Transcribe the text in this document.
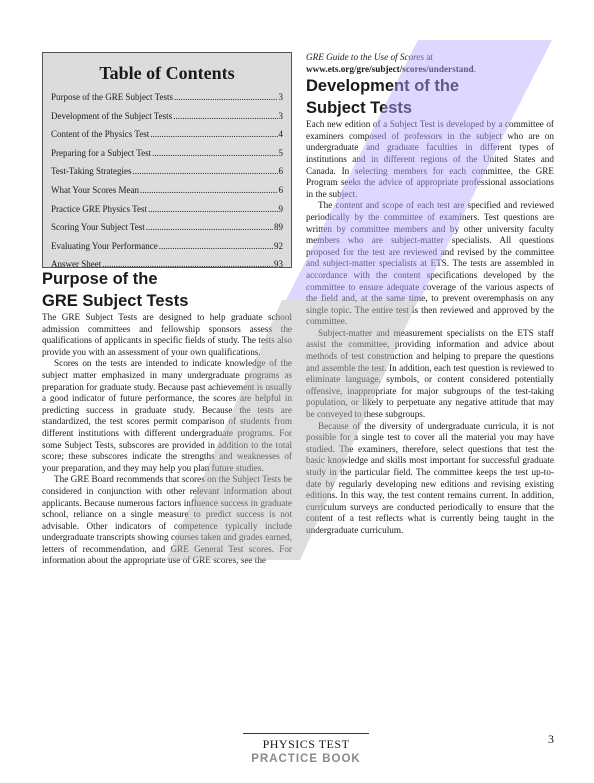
Table of Contents
Purpose of the GRE Subject Tests .....	3
Development of the Subject Tests .....	3
Content of the Physics Test .....	4
Preparing for a Subject Test .....	5
Test-Taking Strategies .....	6
What Your Scores Mean .....	6
Practice GRE Physics Test .....	9
Scoring Your Subject Test .....	89
Evaluating Your Performance .....	92
Answer Sheet .....	93
Purpose of the
GRE Subject Tests

The GRE Subject Tests are designed to help graduate school admission committees and fellowship sponsors assess the qualifications of applicants in specific fields of study. The tests also provide you with an assessment of your own qualifications.

Scores on the tests are intended to indicate knowledge of the subject matter emphasized in many undergraduate programs as preparation for graduate study. Because past achievement is usually a good indicator of future performance, the scores are helpful in predicting success in graduate study. Because the tests are standardized, the test scores permit comparison of students from different institutions with different undergraduate programs. For some Subject Tests, subscores are provided in addition to the total score; these subscores indicate the strengths and weaknesses of your preparation, and they may help you plan future studies.

The GRE Board recommends that scores on the Subject Tests be considered in conjunction with other relevant information about applicants. Because numerous factors influence success in graduate school, reliance on a single measure to predict success is not advisable. Other indicators of competence typically include undergraduate transcripts showing courses taken and grades earned, letters of recommendation, and GRE General Test scores. For information about the appropriate use of GRE scores, see the

GRE Guide to the Use of Scores at
www.ets.org/gre/subject/scores/understand.

Development of the
Subject Tests

Each new edition of a Subject Test is developed by a committee of examiners composed of professors in the subject who are on undergraduate and graduate faculties in different types of institutions and in different regions of the United States and Canada. In selecting members for each committee, the GRE Program seeks the advice of appropriate professional associations in the subject.

The content and scope of each test are specified and reviewed periodically by the committee of examiners. Test questions are written by committee members and by other university faculty members who are subject-matter specialists. All questions proposed for the test are reviewed and revised by the committee and subject-matter specialists at ETS. The tests are assembled in accordance with the content specifications developed by the committee to ensure adequate coverage of the various aspects of the field and, at the same time, to prevent overemphasis on any single topic. The entire test is then reviewed and approved by the committee.

Subject-matter and measurement specialists on the ETS staff assist the committee, providing information and advice about methods of test construction and helping to prepare the questions and assemble the test. In addition, each test question is reviewed to eliminate language, symbols, or content considered potentially offensive, inappropriate for major subgroups of the test-taking population, or likely to perpetuate any negative attitude that may be conveyed to these subgroups.

Because of the diversity of undergraduate curricula, it is not possible for a single test to cover all the material you may have studied. The examiners, therefore, select questions that test the basic knowledge and skills most important for successful graduate study in the particular field. The committee keeps the test up-to-date by regularly developing new editions and revising existing editions. In this way, the test content remains current. In addition, curriculum surveys are conducted periodically to ensure that the content of a test reflects what is currently being taught in the undergraduate curriculum.

PHYSICS TEST
PRACTICE BOOK
3
